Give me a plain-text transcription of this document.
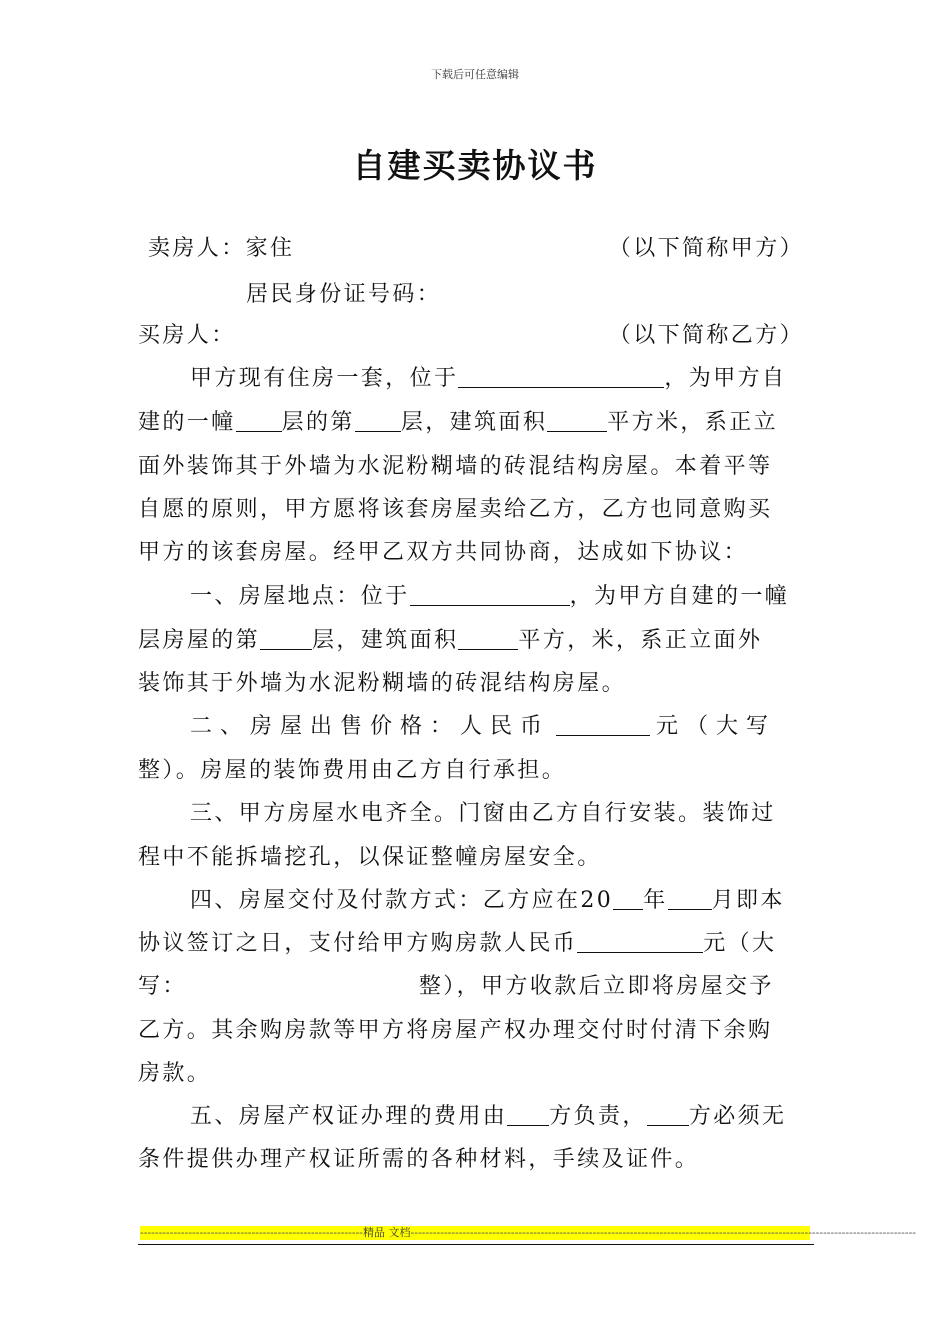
下载后可任意编辑
自建买卖协议书
卖房人：家住	（以下简称甲方）
居民身份证号码：
买房人：	（以下简称乙方）
甲方现有住房一套，位于	，为甲方自
建的一幢 层的第 层，建筑面积	平方米，系正立
面外装饰其于外墙为水泥粉糊墙的砖混结构房屋。本着平等
自愿的原则，甲方愿将该套房屋卖给乙方，乙方也同意购买
甲方的该套房屋。经甲乙双方共同协商，达成如下协议：
一、房屋地点：位于	，为甲方自建的一幢
层房屋的第 层，建筑面积	平方，米，系正立面外
装饰其于外墙为水泥粉糊墙的砖混结构房屋。
二、房屋出售价格：人民币	元（大写
整）。房屋的装饰费用由乙方自行承担。
三、甲方房屋水电齐全。门窗由乙方自行安装。装饰过
程中不能拆墙挖孔，以保证整幢房屋安全。
四、房屋交付及付款方式：乙方应在20 年 月即本
协议签订之日，支付给甲方购房款人民币	元（大
写：	整），甲方收款后立即将房屋交予
乙方。其余购房款等甲方将房屋产权办理交付时付清下余购
房款。
五、房屋产权证办理的费用由 方负责， 方必须无
条件提供办理产权证所需的各种材料，手续及证件。
------------------------------------------------------------精品 文档----------------------------------------------------------------------------------------------------------------------------------------
